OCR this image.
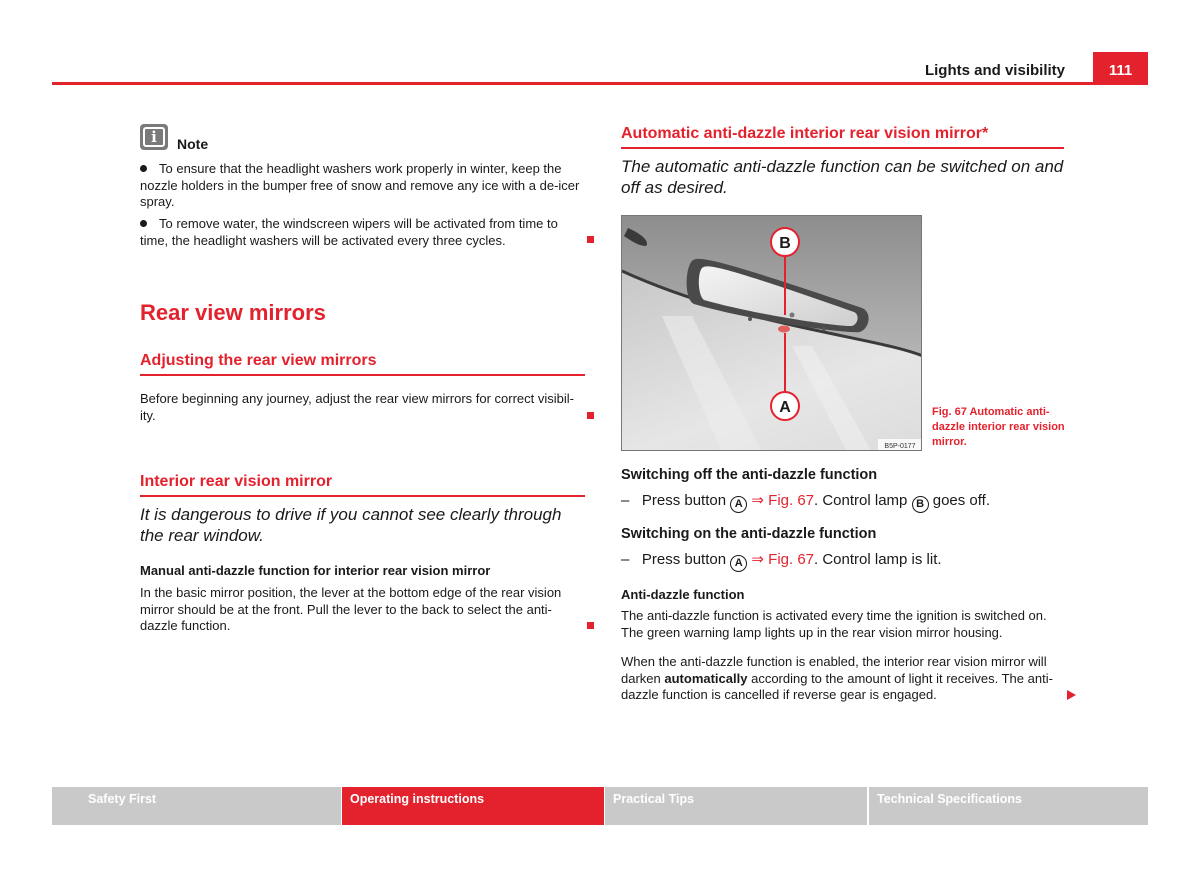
Lights and visibility	111
i	Note
To ensure that the headlight washers work properly in winter, keep the nozzle holders in the bumper free of snow and remove any ice with a de-icer spray.
To remove water, the windscreen wipers will be activated from time to time, the headlight washers will be activated every three cycles.
Rear view mirrors
Adjusting the rear view mirrors
Before beginning any journey, adjust the rear view mirrors for correct visibil-ity.
Interior rear vision mirror
It is dangerous to drive if you cannot see clearly through the rear window.
Manual anti-dazzle function for interior rear vision mirror
In the basic mirror position, the lever at the bottom edge of the rear vision mirror should be at the front. Pull the lever to the back to select the anti-dazzle function.
Automatic anti-dazzle interior rear vision mirror*
The automatic anti-dazzle function can be switched on and off as desired.
B
A
B5P-0177
Fig. 67 Automatic anti-dazzle interior rear vision mirror.
Switching off the anti-dazzle function
– Press button A ⇒ Fig. 67. Control lamp B goes off.
Switching on the anti-dazzle function
– Press button A ⇒ Fig. 67. Control lamp is lit.
Anti-dazzle function
The anti-dazzle function is activated every time the ignition is switched on. The green warning lamp lights up in the rear vision mirror housing.
When the anti-dazzle function is enabled, the interior rear vision mirror will darken automatically according to the amount of light it receives. The anti-dazzle function is cancelled if reverse gear is engaged.
Safety First	Operating instructions	Practical Tips	Technical Specifications
